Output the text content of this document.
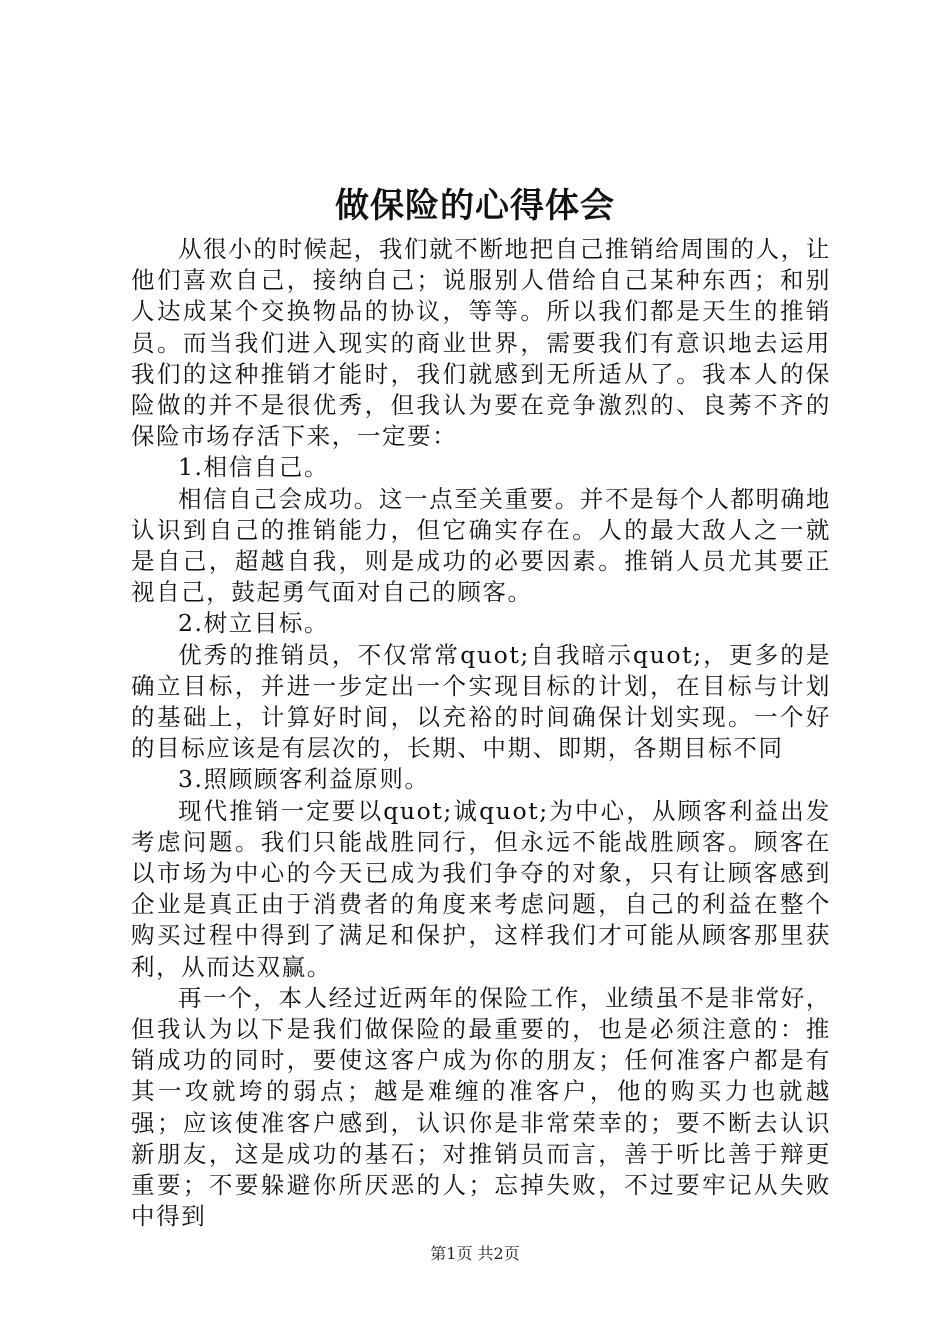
做保险的心得体会

从很小的时候起，我们就不断地把自己推销给周围的人，让他们喜欢自己，接纳自己；说服别人借给自己某种东西；和别人达成某个交换物品的协议，等等。所以我们都是天生的推销员。而当我们进入现实的商业世界，需要我们有意识地去运用我们的这种推销才能时，我们就感到无所适从了。我本人的保险做的并不是很优秀，但我认为要在竞争激烈的、良莠不齐的保险市场存活下来，一定要：

1.相信自己。

相信自己会成功。这一点至关重要。并不是每个人都明确地认识到自己的推销能力，但它确实存在。人的最大敌人之一就是自己，超越自我，则是成功的必要因素。推销人员尤其要正视自己，鼓起勇气面对自己的顾客。

2.树立目标。

优秀的推销员，不仅常常quot;自我暗示quot;，更多的是确立目标，并进一步定出一个实现目标的计划，在目标与计划的基础上，计算好时间，以充裕的时间确保计划实现。一个好的目标应该是有层次的，长期、中期、即期，各期目标不同

3.照顾顾客利益原则。

现代推销一定要以quot;诚quot;为中心，从顾客利益出发考虑问题。我们只能战胜同行，但永远不能战胜顾客。顾客在以市场为中心的今天已成为我们争夺的对象，只有让顾客感到企业是真正由于消费者的角度来考虑问题，自己的利益在整个购买过程中得到了满足和保护，这样我们才可能从顾客那里获利，从而达双赢。

再一个，本人经过近两年的保险工作，业绩虽不是非常好，但我认为以下是我们做保险的最重要的，也是必须注意的：推销成功的同时，要使这客户成为你的朋友；任何准客户都是有其一攻就垮的弱点；越是难缠的准客户，他的购买力也就越强；应该使准客户感到，认识你是非常荣幸的；要不断去认识新朋友，这是成功的基石；对推销员而言，善于听比善于辩更重要；不要躲避你所厌恶的人；忘掉失败，不过要牢记从失败中得到

第1页 共2页
